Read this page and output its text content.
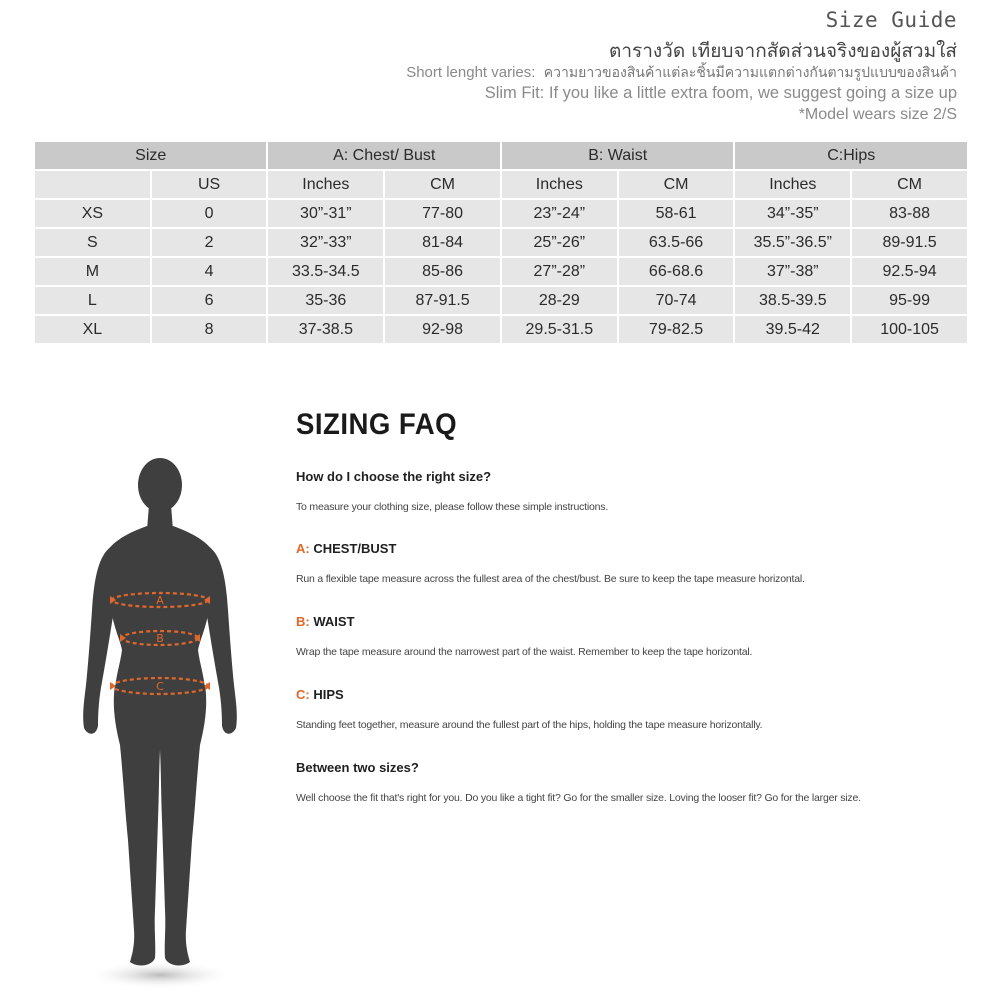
Size Guide
ตารางวัด เทียบจากสัดส่วนจริงของผู้สวมใส่
Short lenght varies: ความยาวของสินค้าแต่ละชิ้นมีความแตกต่างกันตามรูปแบบของสินค้า
Slim Fit: If you like a little extra foom, we suggest going a size up
*Model wears size 2/S
Size		A: Chest/ Bust		B: Waist		C:Hips	
	US	Inches	CM	Inches	CM	Inches	CM
XS	0	30”-31”	77-80	23”-24”	58-61	34”-35”	83-88
S	2	32”-33”	81-84	25”-26”	63.5-66	35.5”-36.5”	89-91.5
M	4	33.5-34.5	85-86	27”-28”	66-68.6	37”-38”	92.5-94
L	6	35-36	87-91.5	28-29	70-74	38.5-39.5	95-99
XL	8	37-38.5	92-98	29.5-31.5	79-82.5	39.5-42	100-105
A
B
C
SIZING FAQ
How do I choose the right size?
To measure your clothing size, please follow these simple instructions.
A: CHEST/BUST
Run a flexible tape measure across the fullest area of the chest/bust. Be sure to keep the tape measure horizontal.
B: WAIST
Wrap the tape measure around the narrowest part of the waist. Remember to keep the tape horizontal.
C: HIPS
Standing feet together, measure around the fullest part of the hips, holding the tape measure horizontally.
Between two sizes?
Well choose the fit that's right for you. Do you like a tight fit? Go for the smaller size. Loving the looser fit? Go for the larger size.
